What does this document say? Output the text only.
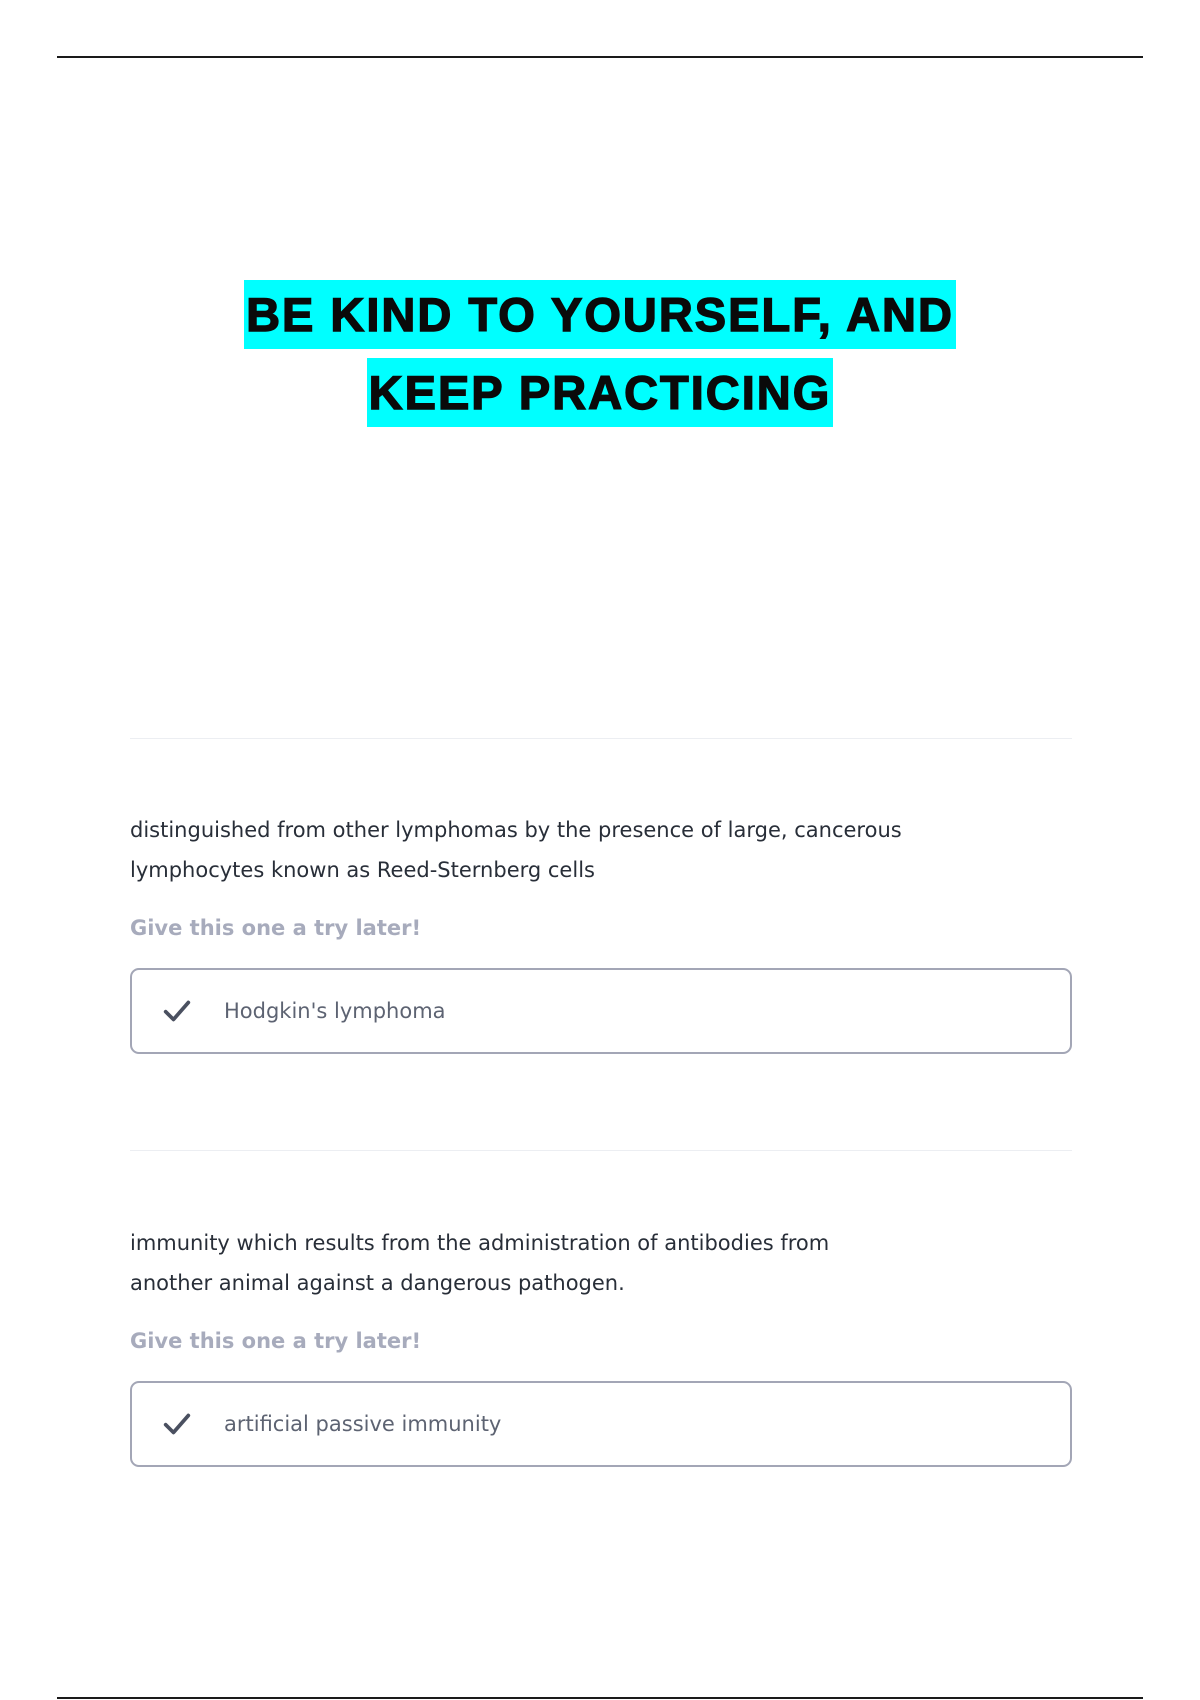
BE KIND TO YOURSELF, AND
KEEP PRACTICING

distinguished from other lymphomas by the presence of large, cancerous
lymphocytes known as Reed-Sternberg cells

Give this one a try later!
Hodgkin's lymphoma

immunity which results from the administration of antibodies from
another animal against a dangerous pathogen.

Give this one a try later!
artificial passive immunity
